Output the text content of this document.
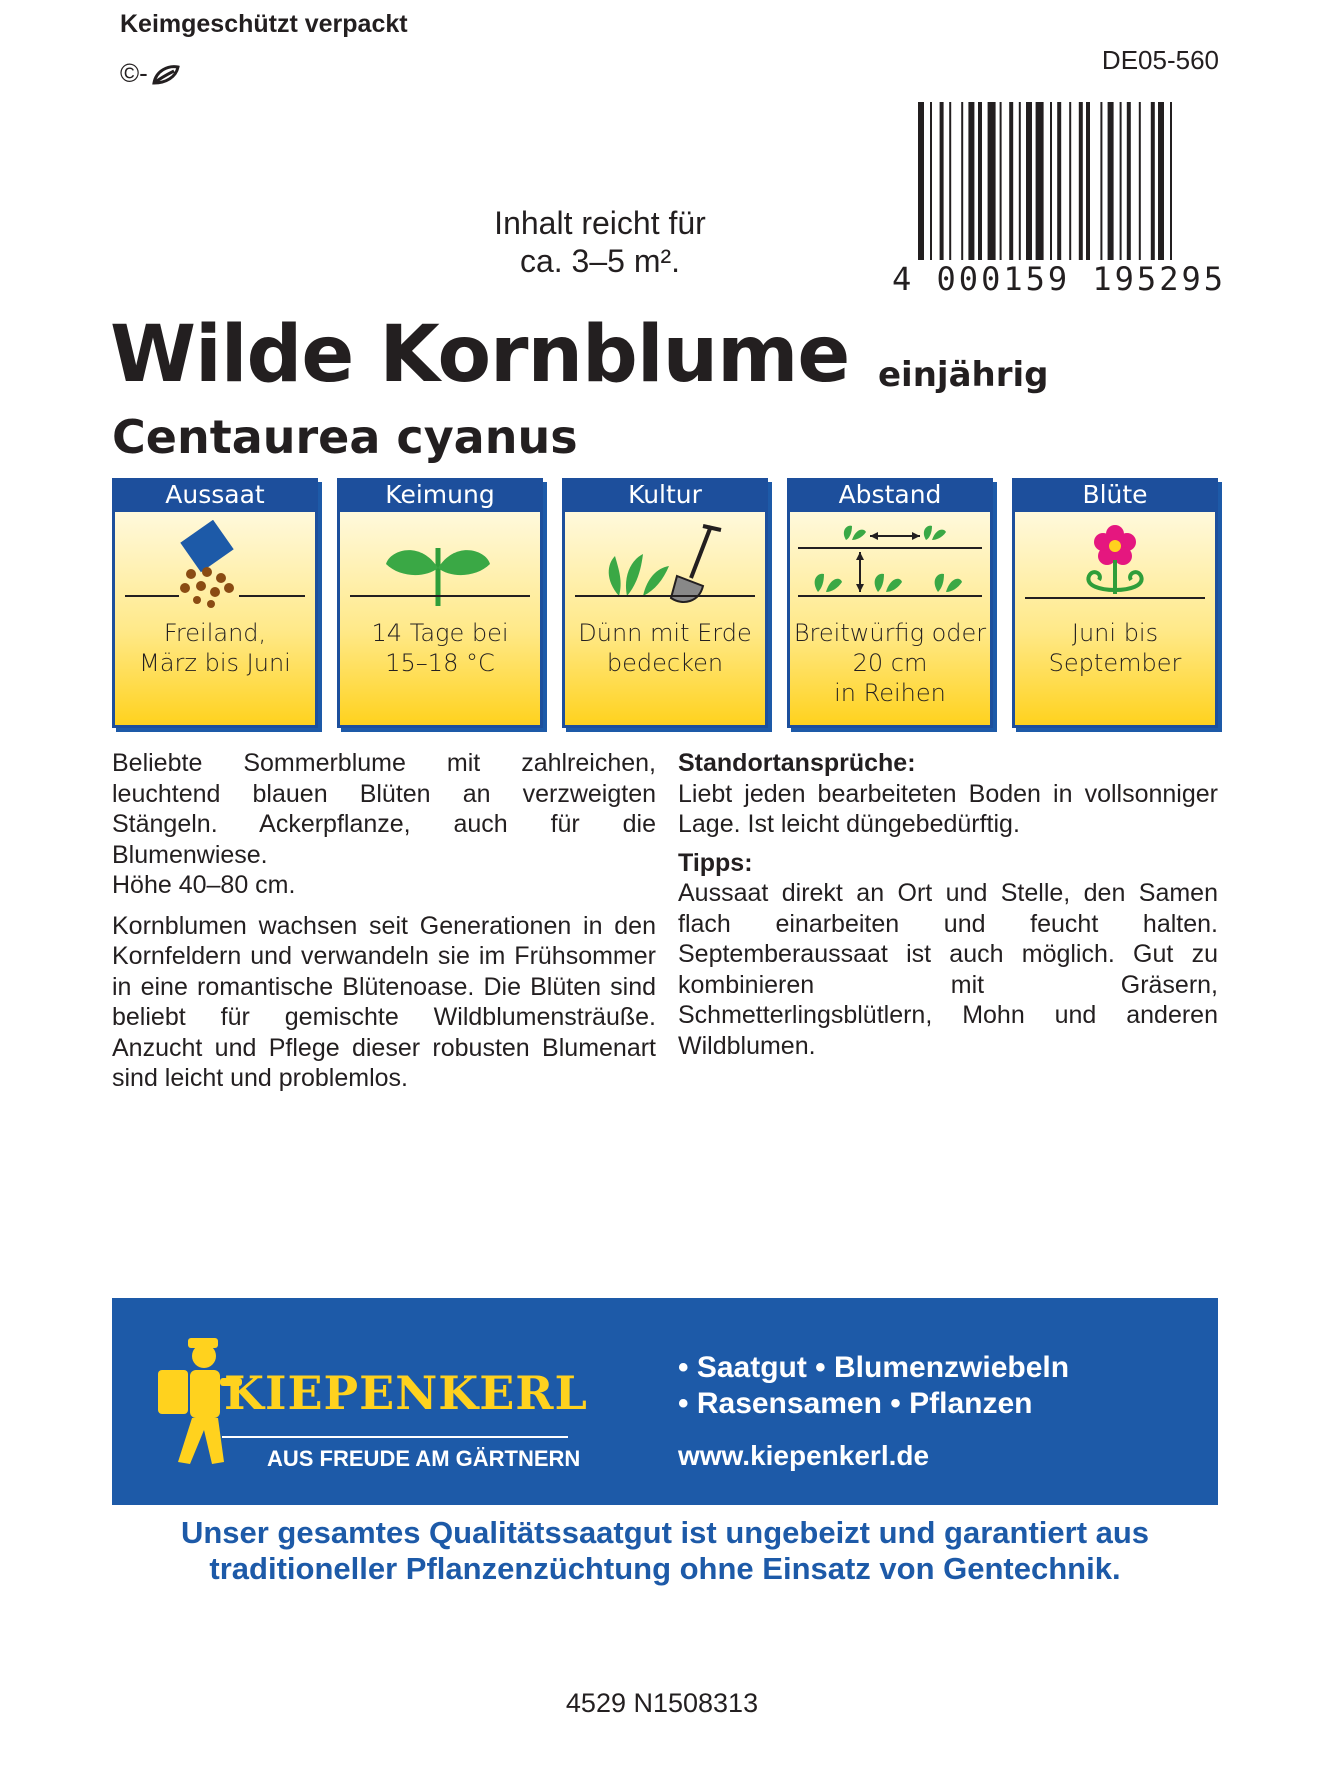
Keimgeschützt verpackt
©-	DE05-560
4 000159 195295
Inhalt reicht für
ca. 3–5 m².
Wilde Kornblume einjährig
Centaurea cyanus
Aussaat
Freiland,
März bis Juni
Keimung
14 Tage bei
15–18 °C
Kultur
Dünn mit Erde
bedecken
Abstand
Breitwürfig oder
20 cm
in Reihen
Blüte
Juni bis
September

Beliebte Sommerblume mit zahlreichen, leuchtend blauen Blüten an verzweigten Stängeln. Ackerpflanze, auch für die Blumenwiese.
Höhe 40–80 cm.

Kornblumen wachsen seit Generationen in den Kornfeldern und verwandeln sie im Frühsommer in eine romantische Blütenoase. Die Blüten sind beliebt für gemischte Wildblumensträuße. Anzucht und Pflege dieser robusten Blumenart sind leicht und problemlos.

Standortansprüche:

Liebt jeden bearbeiteten Boden in vollsonniger Lage. Ist leicht düngebedürftig.

Tipps:

Aussaat direkt an Ort und Stelle, den Samen flach einarbeiten und feucht halten. Septemberaussaat ist auch möglich. Gut zu kombinieren mit Gräsern, Schmetterlingsblütlern, Mohn und anderen Wildblumen.

KIEPENKERL
AUS FREUDE AM GÄRTNERN
• Saatgut • Blumenzwiebeln
• Rasensamen • Pflanzen
www.kiepenkerl.de
Unser gesamtes Qualitätssaatgut ist ungebeizt und garantiert aus traditioneller Pflanzenzüchtung ohne Einsatz von Gentechnik.
4529 N1508313
